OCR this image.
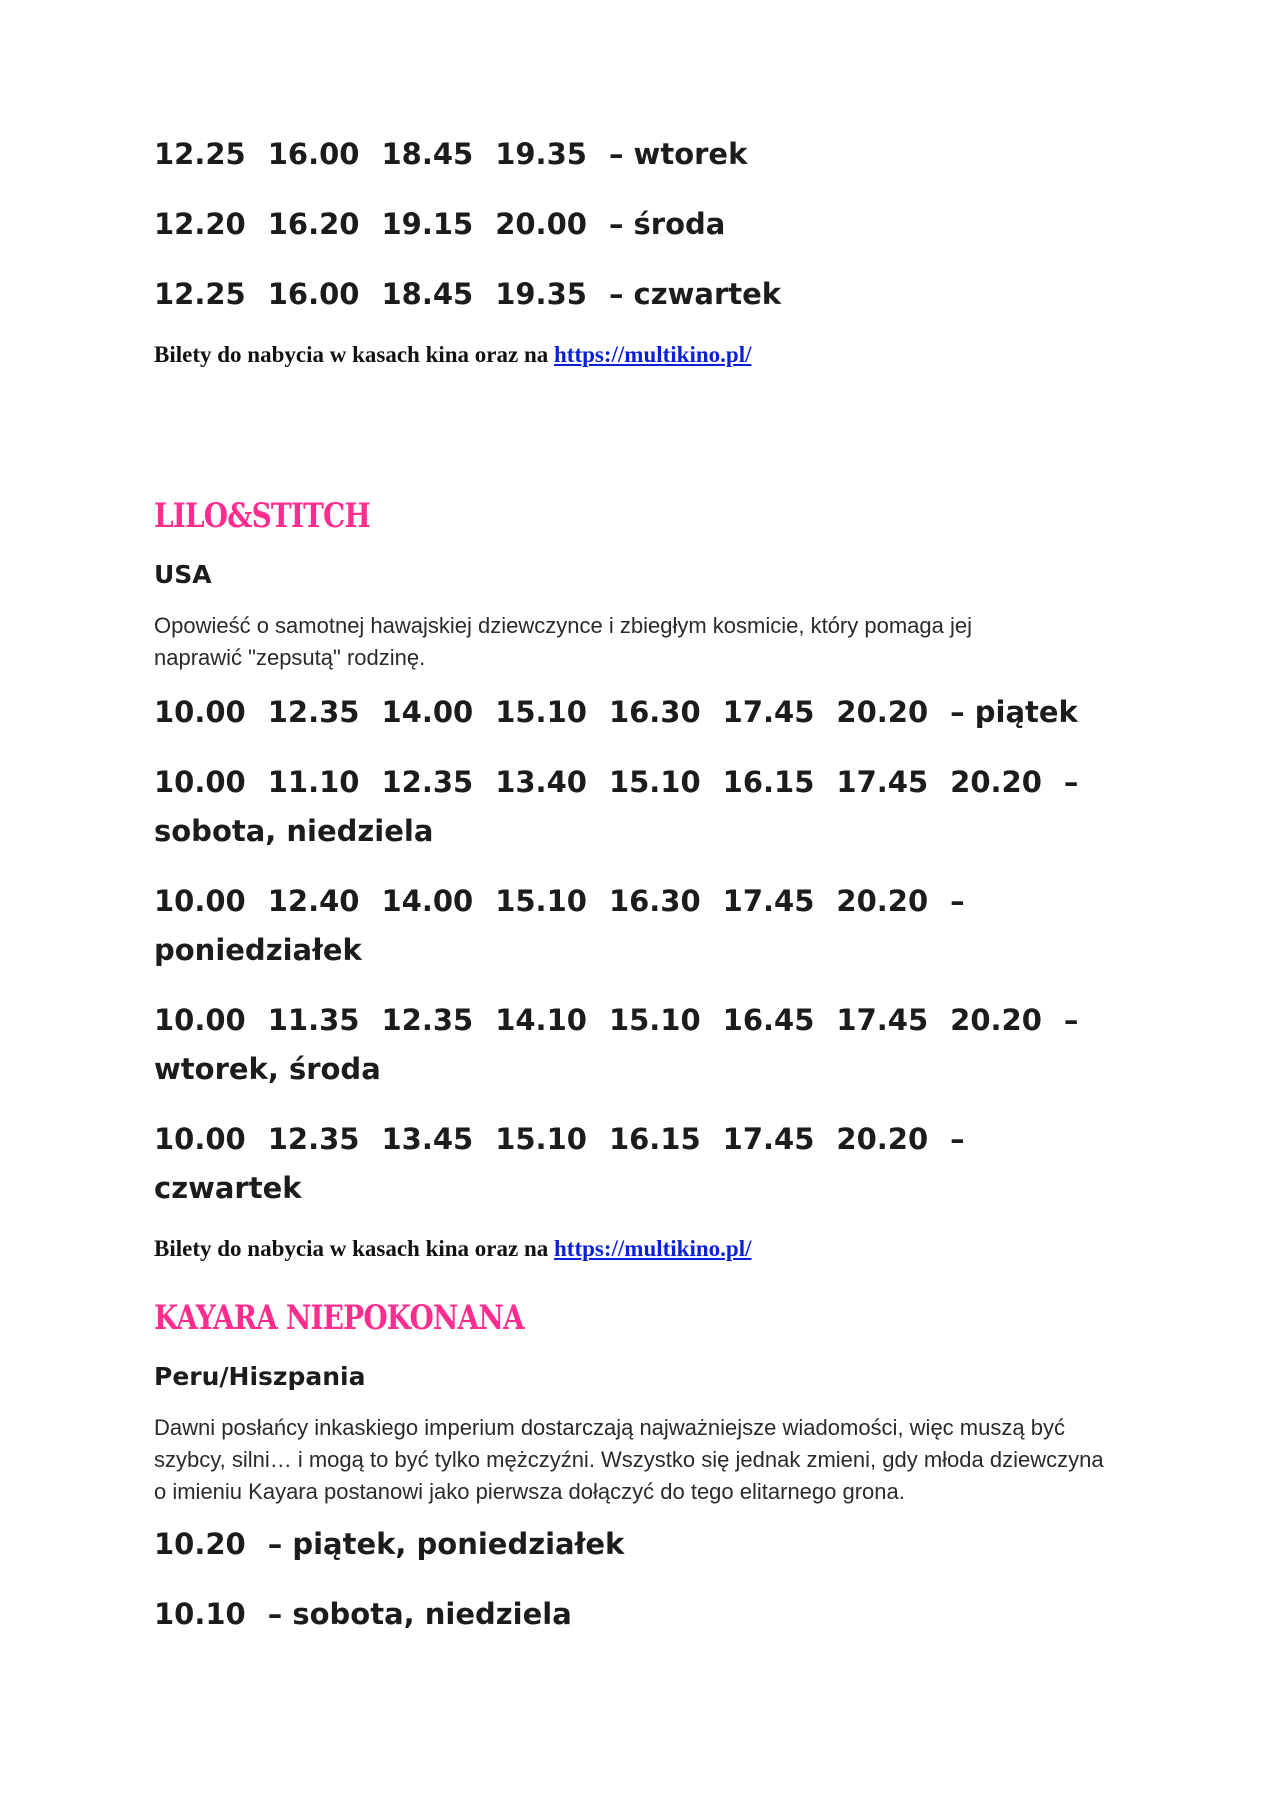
12.25 16.00 18.45 19.35 – wtorek
12.20 16.20 19.15 20.00 – środa
12.25 16.00 18.45 19.35 – czwartek

Bilety do nabycia w kasach kina oraz na https://multikino.pl/

LILO&STITCH

USA

Opowieść o samotnej hawajskiej dziewczynce i zbiegłym kosmicie, który pomaga jej naprawić "zepsutą" rodzinę.

10.00 12.35 14.00 15.10 16.30 17.45 20.20 – piątek
10.00 11.10 12.35 13.40 15.10 16.15 17.45 20.20 – sobota, niedziela
10.00 12.40 14.00 15.10 16.30 17.45 20.20 – poniedziałek
10.00 11.35 12.35 14.10 15.10 16.45 17.45 20.20 – wtorek, środa
10.00 12.35 13.45 15.10 16.15 17.45 20.20 – czwartek

Bilety do nabycia w kasach kina oraz na https://multikino.pl/

KAYARA NIEPOKONANA

Peru/Hiszpania

Dawni posłańcy inkaskiego imperium dostarczają najważniejsze wiadomości, więc muszą być szybcy, silni… i mogą to być tylko mężczyźni. Wszystko się jednak zmieni, gdy młoda dziewczyna o imieniu Kayara postanowi jako pierwsza dołączyć do tego elitarnego grona.

10.20 – piątek, poniedziałek
10.10 – sobota, niedziela
